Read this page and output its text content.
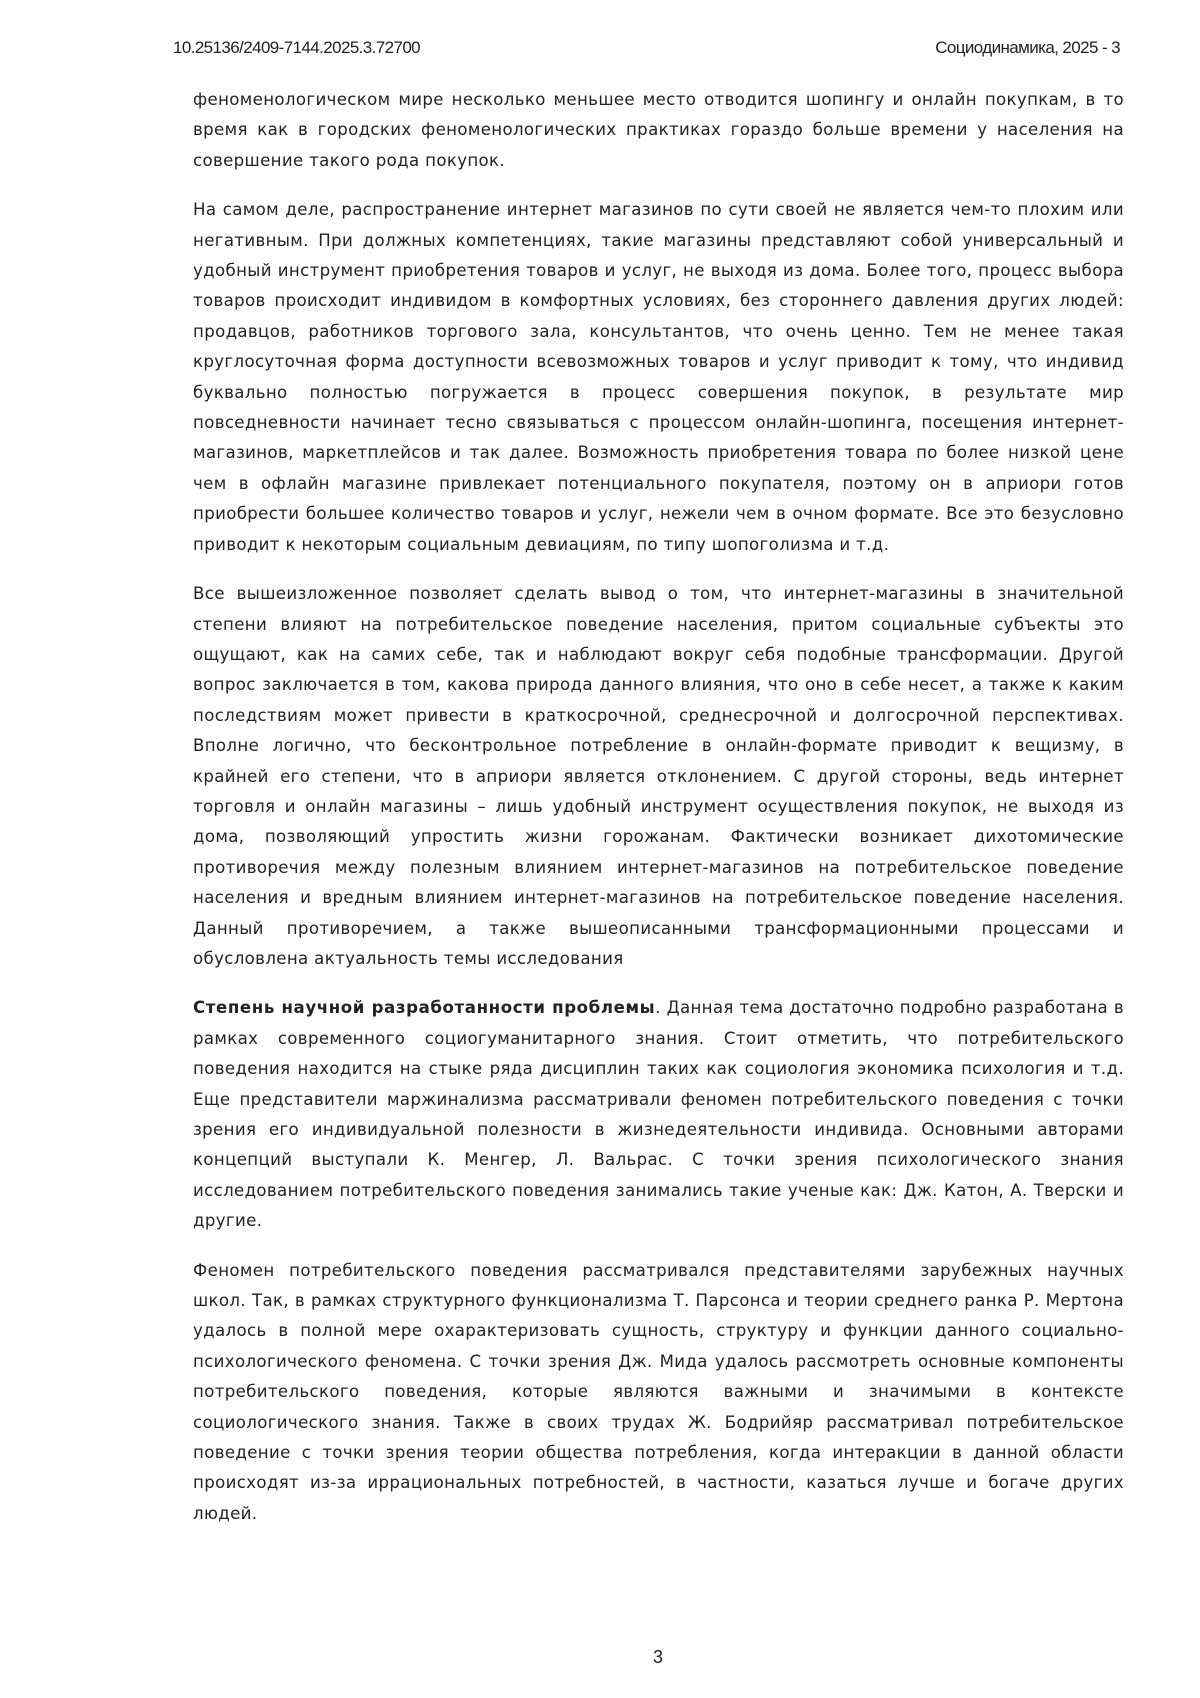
10.25136/2409-7144.2025.3.72700	Социодинамика, 2025 - 3

феноменологическом мире несколько меньшее место отводится шопингу и онлайн покупкам, в то время как в городских феноменологических практиках гораздо больше времени у населения на совершение такого рода покупок.

На самом деле, распространение интернет магазинов по сути своей не является чем-то плохим или негативным. При должных компетенциях, такие магазины представляют собой универсальный и удобный инструмент приобретения товаров и услуг, не выходя из дома. Более того, процесс выбора товаров происходит индивидом в комфортных условиях, без стороннего давления других людей: продавцов, работников торгового зала, консультантов, что очень ценно. Тем не менее такая круглосуточная форма доступности всевозможных товаров и услуг приводит к тому, что индивид буквально полностью погружается в процесс совершения покупок, в результате мир повседневности начинает тесно связываться с процессом онлайн-шопинга, посещения интернет-магазинов, маркетплейсов и так далее. Возможность приобретения товара по более низкой цене чем в офлайн магазине привлекает потенциального покупателя, поэтому он в априори готов приобрести большее количество товаров и услуг, нежели чем в очном формате. Все это безусловно приводит к некоторым социальным девиациям, по типу шопоголизма и т.д.

Все вышеизложенное позволяет сделать вывод о том, что интернет-магазины в значительной степени влияют на потребительское поведение населения, притом социальные субъекты это ощущают, как на самих себе, так и наблюдают вокруг себя подобные трансформации. Другой вопрос заключается в том, какова природа данного влияния, что оно в себе несет, а также к каким последствиям может привести в краткосрочной, среднесрочной и долгосрочной перспективах. Вполне логично, что бесконтрольное потребление в онлайн-формате приводит к вещизму, в крайней его степени, что в априори является отклонением. С другой стороны, ведь интернет торговля и онлайн магазины – лишь удобный инструмент осуществления покупок, не выходя из дома, позволяющий упростить жизни горожанам. Фактически возникает дихотомические противоречия между полезным влиянием интернет-магазинов на потребительское поведение населения и вредным влиянием интернет-магазинов на потребительское поведение населения. Данный противоречием, а также вышеописанными трансформационными процессами и обусловлена актуальность темы исследования

Степень научной разработанности проблемы. Данная тема достаточно подробно разработана в рамках современного социогуманитарного знания. Стоит отметить, что потребительского поведения находится на стыке ряда дисциплин таких как социология экономика психология и т.д. Еще представители маржинализма рассматривали феномен потребительского поведения с точки зрения его индивидуальной полезности в жизнедеятельности индивида. Основными авторами концепций выступали К. Менгер, Л. Вальрас. С точки зрения психологического знания исследованием потребительского поведения занимались такие ученые как: Дж. Катон, А. Тверски и другие.

Феномен потребительского поведения рассматривался представителями зарубежных научных школ. Так, в рамках структурного функционализма Т. Парсонса и теории среднего ранка Р. Мертона удалось в полной мере охарактеризовать сущность, структуру и функции данного социально-психологического феномена. С точки зрения Дж. Мида удалось рассмотреть основные компоненты потребительского поведения, которые являются важными и значимыми в контексте социологического знания. Также в своих трудах Ж. Бодрийяр рассматривал потребительское поведение с точки зрения теории общества потребления, когда интеракции в данной области происходят из-за иррациональных потребностей, в частности, казаться лучше и богаче других людей.

3
